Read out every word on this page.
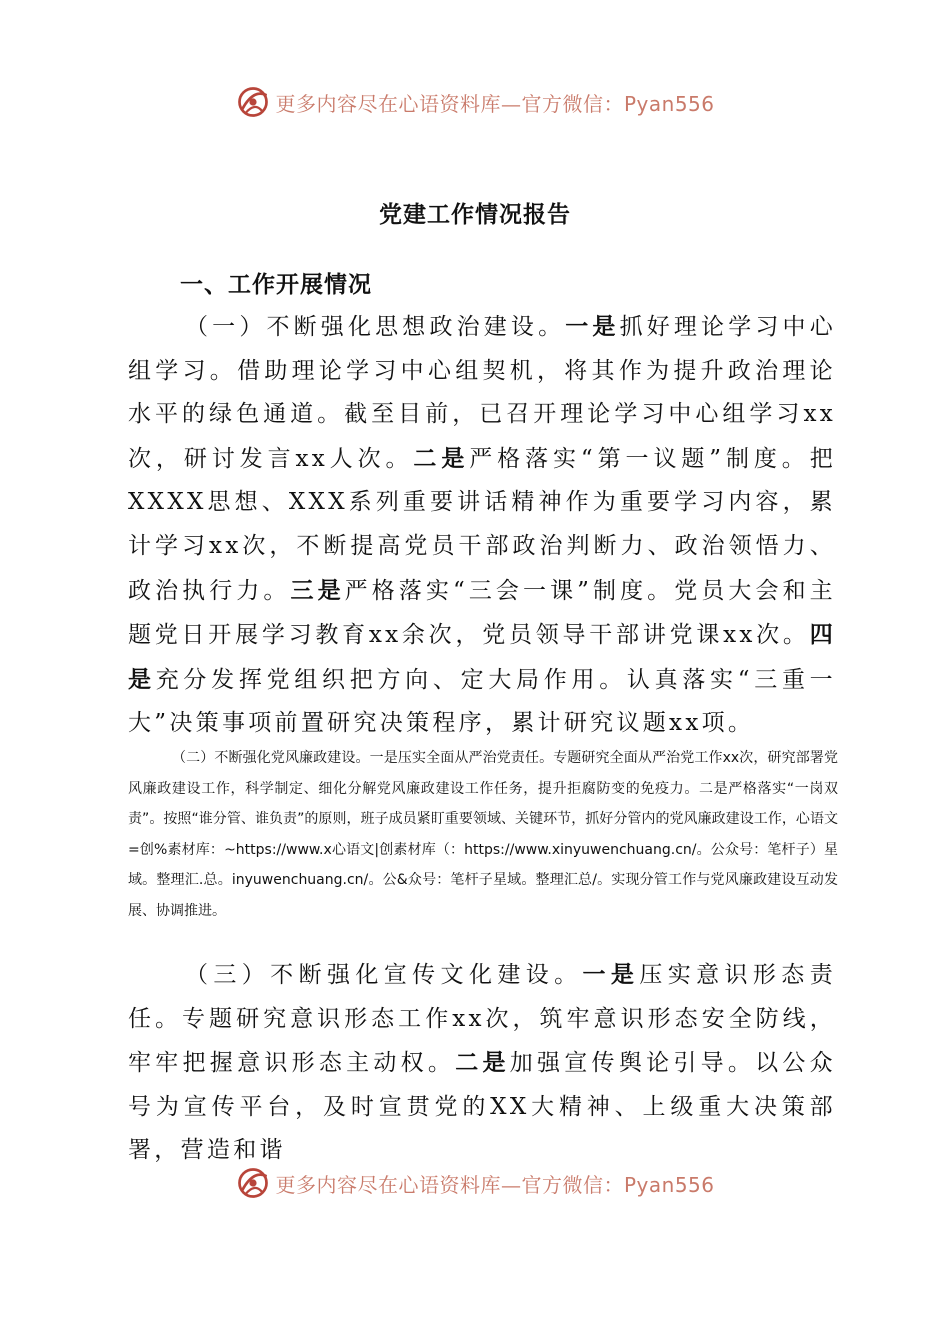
更多内容尽在心语资料库—官方微信：Pyan556
党建工作情况报告
一、工作开展情况

（一）不断强化思想政治建设。一是抓好理论学习中心组学习。借助理论学习中心组契机，将其作为提升政治理论水平的绿色通道。截至目前，已召开理论学习中心组学习xx次，研讨发言xx人次。二是严格落实“第一议题”制度。把XXXX思想、XXX系列重要讲话精神作为重要学习内容，累计学习xx次，不断提高党员干部政治判断力、政治领悟力、政治执行力。三是严格落实“三会一课”制度。党员大会和主题党日开展学习教育xx余次，党员领导干部讲党课xx次。四是充分发挥党组织把方向、定大局作用。认真落实“三重一大”决策事项前置研究决策程序，累计研究议题xx项。

（二）不断强化党风廉政建设。一是压实全面从严治党责任。专题研究全面从严治党工作xx次，研究部署党风廉政建设工作，科学制定、细化分解党风廉政建设工作任务，提升拒腐防变的免疫力。二是严格落实“一岗双责”。按照“谁分管、谁负责”的原则，班子成员紧盯重要领域、关键环节，抓好分管内的党风廉政建设工作，心语文=创%素材库：~https://www.x心语文|创素材库（：https://www.xinyuwenchuang.cn/。公众号：笔杆子）星域。整理汇.总。inyuwenchuang.cn/。公&众号：笔杆子星域。整理汇总/。实现分管工作与党风廉政建设互动发展、协调推进。

（三）不断强化宣传文化建设。一是压实意识形态责任。专题研究意识形态工作xx次，筑牢意识形态安全防线，牢牢把握意识形态主动权。二是加强宣传舆论引导。以公众号为宣传平台，及时宣贯党的XX大精神、上级重大决策部署，营造和谐

更多内容尽在心语资料库—官方微信：Pyan556
